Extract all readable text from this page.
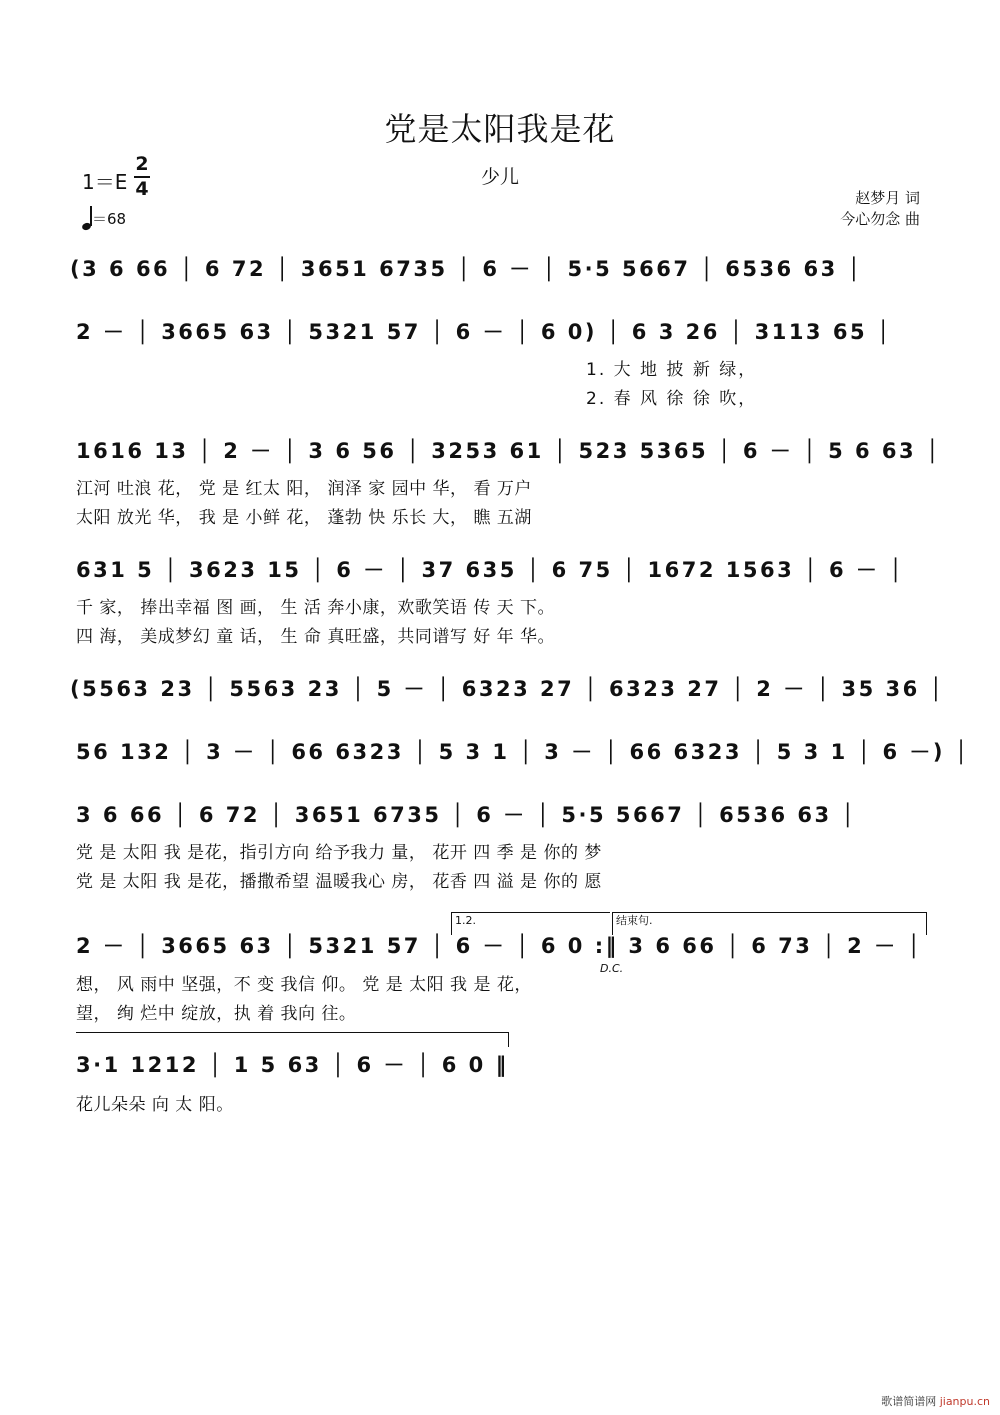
党是太阳我是花
少儿
1＝E
2
4
＝68
赵梦月 词
今心勿念 曲
(3 6 66 │ 6 72 │ 3651 6735 │ 6 － │ 5·5 5667 │ 6536 63 │
2 － │ 3665 63 │ 5321 57 │ 6 － │ 6 0) │ 6 3 26 │ 3113 65 │
1. 大 地 披 新 绿，
2. 春 风 徐 徐 吹，
1616 13 │ 2 － │ 3 6 56 │ 3253 61 │ 523 5365 │ 6 － │ 5 6 63 │
江河 吐浪 花， 党 是 红太 阳， 润泽 家 园中 华， 看 万户
太阳 放光 华， 我 是 小鲜 花， 蓬勃 快 乐长 大， 瞧 五湖
631 5 │ 3623 15 │ 6 － │ 37 635 │ 6 75 │ 1672 1563 │ 6 － │
千 家， 捧出幸福 图 画， 生 活 奔小康，欢歌笑语 传 天 下。
四 海， 美成梦幻 童 话， 生 命 真旺盛，共同谱写 好 年 华。
(5563 23 │ 5563 23 │ 5 － │ 6323 27 │ 6323 27 │ 2 － │ 35 36 │
56 132 │ 3 － │ 66 6323 │ 5 3 1 │ 3 － │ 66 6323 │ 5 3 1 │ 6 －) │
3 6 66 │ 6 72 │ 3651 6735 │ 6 － │ 5·5 5667 │ 6536 63 │
党 是 太阳 我 是花，指引方向 给予我力 量， 花开 四 季 是 你的 梦
党 是 太阳 我 是花，播撒希望 温暖我心 房， 花香 四 溢 是 你的 愿
1.2.	结束句.
2 － │ 3665 63 │ 5321 57 │ 6 － │ 6 0 :‖ 3 6 66 │ 6 73 │ 2 － │
D.C.
想， 风 雨中 坚强，不 变 我信 仰。 党 是 太阳 我 是 花，
望， 绚 烂中 绽放，执 着 我向 往。
3·1 1212 │ 1 5 63 │ 6 － │ 6 0 ‖
花儿朵朵 向 太 阳。
歌谱简谱网 jianpu.cn
